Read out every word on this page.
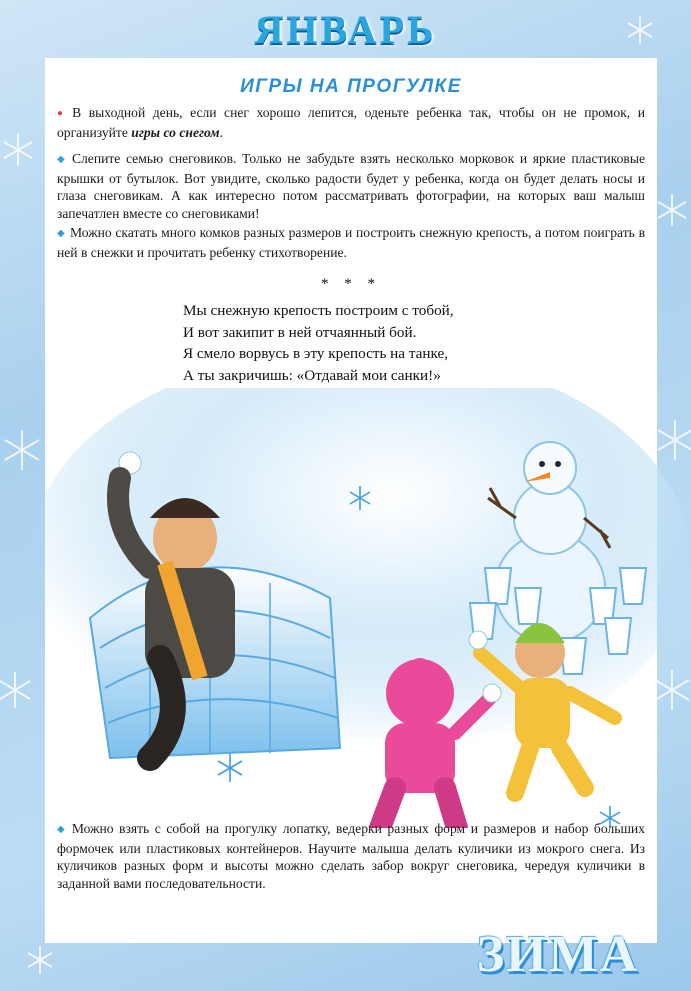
ЯНВАРЬ
ИГРЫ НА ПРОГУЛКЕ

● В выходной день, если снег хорошо лепится, оденьте ребенка так, чтобы он не промок, и организуйте игры со снегом.

◆ Слепите семью снеговиков. Только не забудьте взять несколько морковок и яркие пластиковые крышки от бутылок. Вот увидите, сколько радости будет у ребенка, когда он будет делать носы и глаза снеговикам. А как интересно потом рассматривать фотографии, на которых ваш малыш запечатлен вместе со снеговиками!

◆ Можно скатать много комков разных размеров и построить снежную крепость, а потом поиграть в ней в снежки и прочитать ребенку стихотворение.

* * *
Мы снежную крепость построим с тобой,
И вот закипит в ней отчаянный бой.
Я смело ворвусь в эту крепость на танке,
А ты закричишь: «Отдавай мои санки!»

◆ Можно взять с собой на прогулку лопатку, ведерки разных форм и размеров и набор больших формочек или пластиковых контейнеров. Научите малыша делать куличики из мокрого снега. Из куличиков разных форм и высоты можно сделать забор вокруг снеговика, чередуя куличики в заданной вами последовательности.

ЗИМА
